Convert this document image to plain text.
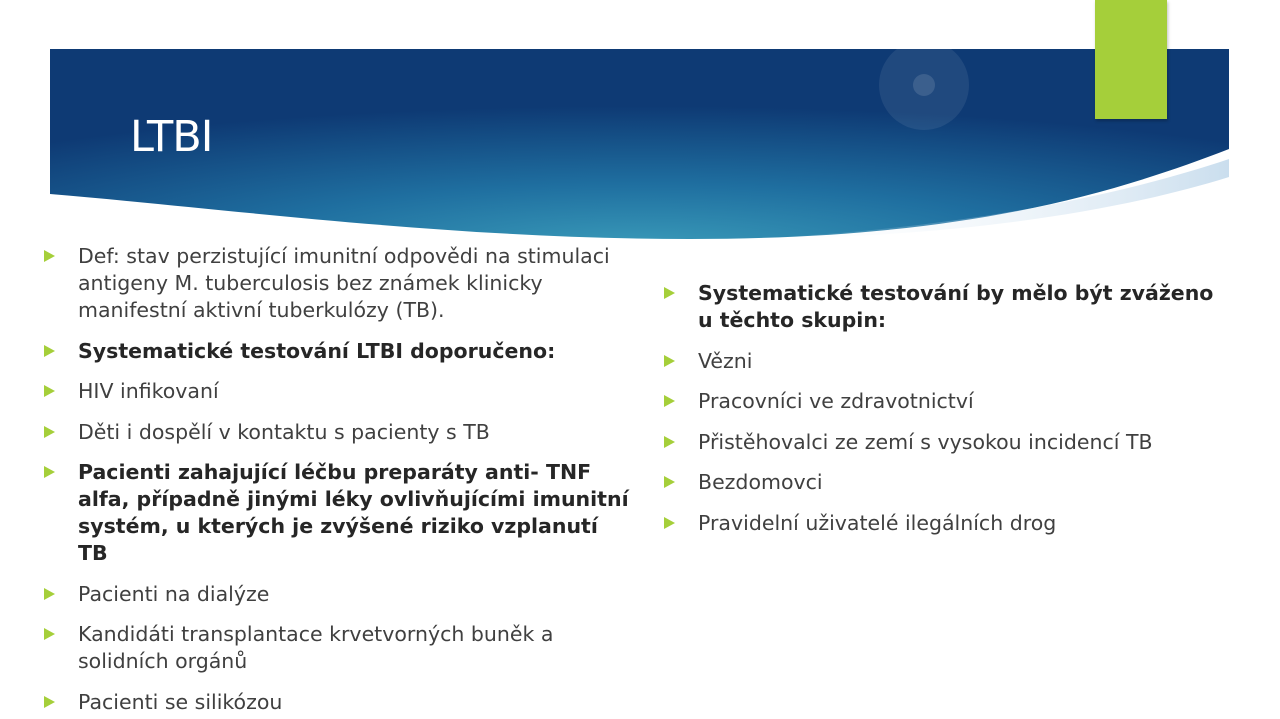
LTBI
Def: stav perzistující imunitní odpovědi na stimulaci antigeny M. tuberculosis bez známek klinicky manifestní aktivní tuberkulózy (TB).
Systematické testování LTBI doporučeno:
HIV infikovaní
Děti i dospělí v kontaktu s pacienty s TB
Pacienti zahajující léčbu preparáty anti- TNF alfa, případně jinými léky ovlivňujícími imunitní systém, u kterých je zvýšené riziko vzplanutí TB
Pacienti na dialýze
Kandidáti transplantace krvetvorných buněk a solidních orgánů
Pacienti se silikózou
Systematické testování by mělo být zváženo u těchto skupin:
Vězni
Pracovníci ve zdravotnictví
Přistěhovalci ze zemí s vysokou incidencí TB
Bezdomovci
Pravidelní uživatelé ilegálních drog
